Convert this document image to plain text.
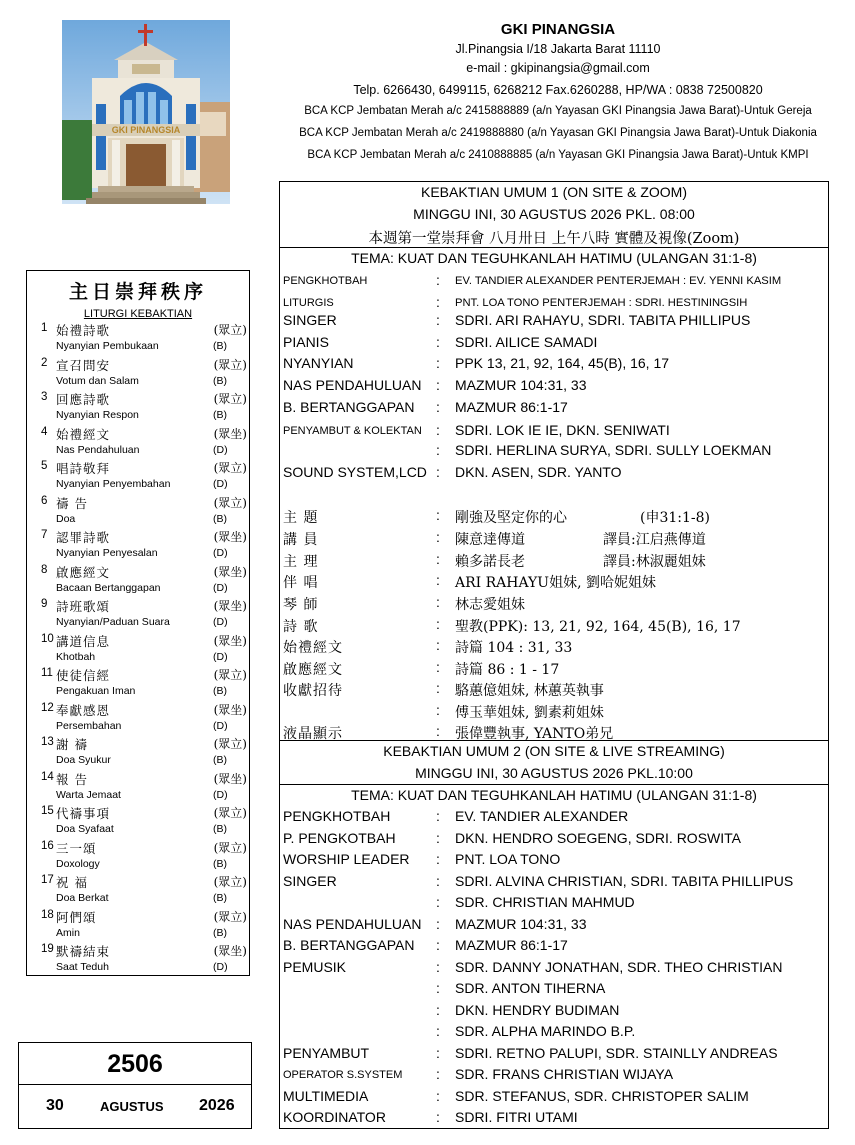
GKI PINANGSIA
GKI PINANGSIA
Jl.Pinangsia I/18 Jakarta Barat 11110
e-mail : gkipinangsia@gmail.com
Telp. 6266430, 6499115, 6268212 Fax.6260288, HP/WA : 0838 72500820
BCA KCP Jembatan Merah a/c 2415888889 (a/n Yayasan GKI Pinangsia Jawa Barat)-Untuk Gereja
BCA KCP Jembatan Merah a/c 2419888880 (a/n Yayasan GKI Pinangsia Jawa Barat)-Untuk Diakonia
BCA KCP Jembatan Merah a/c 2410888885 (a/n Yayasan GKI Pinangsia Jawa Barat)-Untuk KMPI
主日崇拜秩序
LITURGI KEBAKTIAN
1 始禮詩歌	(眾立)
Nyanyian Pembukaan	(B)
2 宣召問安	(眾立)
Votum dan Salam	(B)
3 回應詩歌	(眾立)
Nyanyian Respon	(B)
4 始禮經文	(眾坐)
Nas Pendahuluan	(D)
5 唱詩敬拜	(眾立)
Nyanyian Penyembahan	(D)
6 禱 告	(眾立)
Doa	(B)
7 認罪詩歌	(眾坐)
Nyanyian Penyesalan	(D)
8 啟應經文	(眾坐)
Bacaan Bertanggapan	(D)
9 詩班歌頌	(眾坐)
Nyanyian/Paduan Suara	(D)
10 講道信息	(眾坐)
Khotbah	(D)
11 使徒信經	(眾立)
Pengakuan Iman	(B)
12 奉獻感恩	(眾坐)
Persembahan	(D)
13 謝 禱	(眾立)
Doa Syukur	(B)
14 報 告	(眾坐)
Warta Jemaat	(D)
15 代禱事項	(眾立)
Doa Syafaat	(B)
16 三一頌	(眾立)
Doxology	(B)
17 祝 福	(眾立)
Doa Berkat	(B)
18 阿們頌	(眾立)
Amin	(B)
19 默禱結束	(眾坐)
Saat Teduh	(D)
2506
30	AGUSTUS 2026
KEBAKTIAN UMUM 1 (ON SITE & ZOOM)
MINGGU INI, 30 AGUSTUS 2026 PKL. 08:00
本週第一堂崇拜會 八月卅日 上午八時 實體及視像(Zoom)
TEMA: KUAT DAN TEGUHKANLAH HATIMU (ULANGAN 31:1-8)
PENGKHOTBAH	: EV. TANDIER ALEXANDER PENTERJEMAH : EV. YENNI KASIM
LITURGIS	: PNT. LOA TONO PENTERJEMAH : SDRI. HESTININGSIH
SINGER	: SDRI. ARI RAHAYU, SDRI. TABITA PHILLIPUS
PIANIS	: SDRI. AILICE SAMADI
NYANYIAN	: PPK 13, 21, 92, 164, 45(B), 16, 17
NAS PENDAHULUAN : MAZMUR 104:31, 33
B. BERTANGGAPAN : MAZMUR 86:1-17
PENYAMBUT & KOLEKTAN : SDRI. LOK IE IE, DKN. SENIWATI
: SDRI. HERLINA SURYA, SDRI. SULLY LOEKMAN
SOUND SYSTEM,LCD : DKN. ASEN, SDR. YANTO
主 題	: 剛強及堅定你的心	(申31:1-8)
講 員	: 陳意達傳道	譯員:江启燕傳道
主 理	: 賴多諾長老	譯員:林淑麗姐妹
伴 唱	: ARI RAHAYU姐妹, 劉哈妮姐妹
琴 師	: 林志愛姐妹
詩 歌	: 聖教(PPK): 13, 21, 92, 164, 45(B), 16, 17
始禮經文	: 詩篇 104 : 31, 33
啟應經文	: 詩篇 86 : 1 - 17
收獻招待	: 駱蕙億姐妹, 林蕙英執事
: 傅玉華姐妹, 劉素莉姐妹
液晶顯示	: 張偉豐執事, YANTO弟兄
KEBAKTIAN UMUM 2 (ON SITE & LIVE STREAMING)
MINGGU INI, 30 AGUSTUS 2026 PKL.10:00
TEMA: KUAT DAN TEGUHKANLAH HATIMU (ULANGAN 31:1-8)
PENGKHOTBAH	: EV. TANDIER ALEXANDER
P. PENGKOTBAH	: DKN. HENDRO SOEGENG, SDRI. ROSWITA
WORSHIP LEADER : PNT. LOA TONO
SINGER	: SDRI. ALVINA CHRISTIAN, SDRI. TABITA PHILLIPUS
: SDR. CHRISTIAN MAHMUD
NAS PENDAHULUAN : MAZMUR 104:31, 33
B. BERTANGGAPAN : MAZMUR 86:1-17
PEMUSIK	: SDR. DANNY JONATHAN, SDR. THEO CHRISTIAN
: SDR. ANTON TIHERNA
: DKN. HENDRY BUDIMAN
: SDR. ALPHA MARINDO B.P.
PENYAMBUT	: SDRI. RETNO PALUPI, SDR. STAINLLY ANDREAS
OPERATOR S.SYSTEM : SDR. FRANS CHRISTIAN WIJAYA
MULTIMEDIA	: SDR. STEFANUS, SDR. CHRISTOPER SALIM
KOORDINATOR	: SDRI. FITRI UTAMI
